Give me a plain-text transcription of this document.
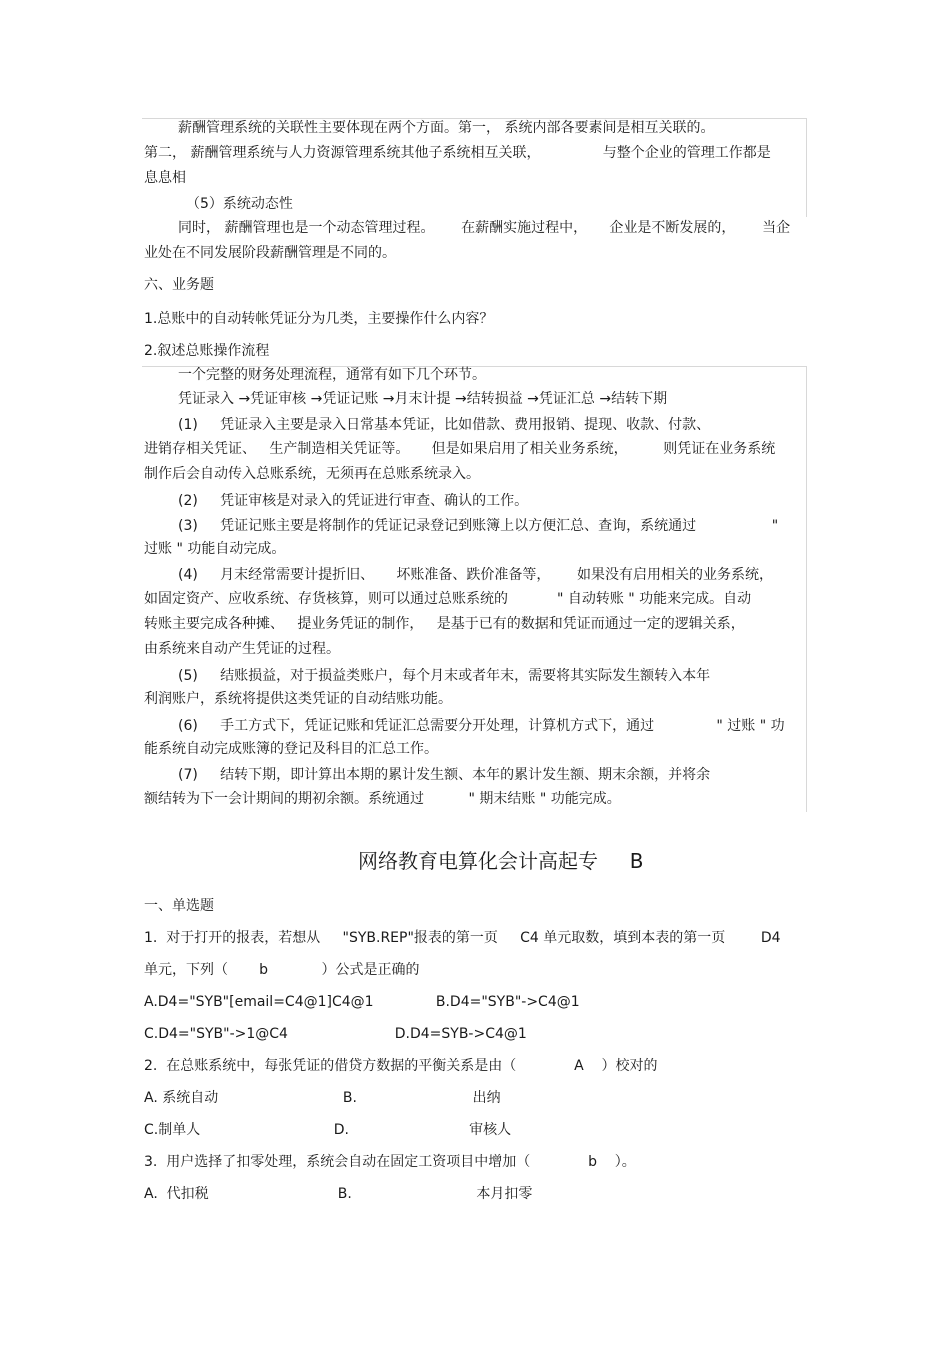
薪酬管理系统的关联性主要体现在两个方面。第一， 系统内部各要素间是相互关联的。
第二， 薪酬管理系统与人力资源管理系统其他子系统相互关联，              与整个企业的管理工作都是
息息相
（5）系统动态性
同时， 薪酬管理也是一个动态管理过程。      在薪酬实施过程中，     企业是不断发展的，      当企
业处在不同发展阶段薪酬管理是不同的。
六、业务题
1.总账中的自动转帐凭证分为几类，主要操作什么内容？
2.叙述总账操作流程
一个完整的财务处理流程，通常有如下几个环节。
凭证录入 →凭证审核 →凭证记账 →月末计提 →结转损益 →凭证汇总 →结转下期
(1)     凭证录入主要是录入日常基本凭证，比如借款、费用报销、提现、收款、付款、
进销存相关凭证、   生产制造相关凭证等。     但是如果启用了相关业务系统，        则凭证在业务系统
制作后会自动传入总账系统，无须再在总账系统录入。
(2)     凭证审核是对录入的凭证进行审查、确认的工作。
(3)     凭证记账主要是将制作的凭证记录登记到账簿上以方便汇总、查询，系统通过                 "
过账 " 功能自动完成。
(4)     月末经常需要计提折旧、     坏账准备、跌价准备等，      如果没有启用相关的业务系统，
如固定资产、应收系统、存货核算，则可以通过总账系统的           " 自动转账 " 功能来完成。自动
转账主要完成各种摊、   提业务凭证的制作，   是基于已有的数据和凭证而通过一定的逻辑关系，
由系统来自动产生凭证的过程。
(5)     结账损益，对于损益类账户，每个月末或者年末，需要将其实际发生额转入本年
利润账户，系统将提供这类凭证的自动结账功能。
(6)     手工方式下，凭证记账和凭证汇总需要分开处理，计算机方式下，通过              " 过账 " 功
能系统自动完成账簿的登记及科目的汇总工作。
(7)     结转下期，即计算出本期的累计发生额、本年的累计发生额、期末余额，并将余
额结转为下一会计期间的期初余额。系统通过          " 期末结账 " 功能完成。
网络教育电算化会计高起专     B
一、单选题
1.  对于打开的报表，若想从     "SYB.REP"报表的第一页     C4 单元取数，填到本表的第一页        D4
单元，下列（       b            ）公式是正确的
A.D4="SYB"[email=C4@1]C4@1              B.D4="SYB"->C4@1
C.D4="SYB"->1@C4                        D.D4=SYB->C4@1
2.  在总账系统中，每张凭证的借贷方数据的平衡关系是由（             A    ）校对的
A. 系统自动                            B.                          出纳
C.制单人                              D.                           审核人
3.  用户选择了扣零处理，系统会自动在固定工资项目中增加（             b    ）。
A.  代扣税                             B.                            本月扣零
